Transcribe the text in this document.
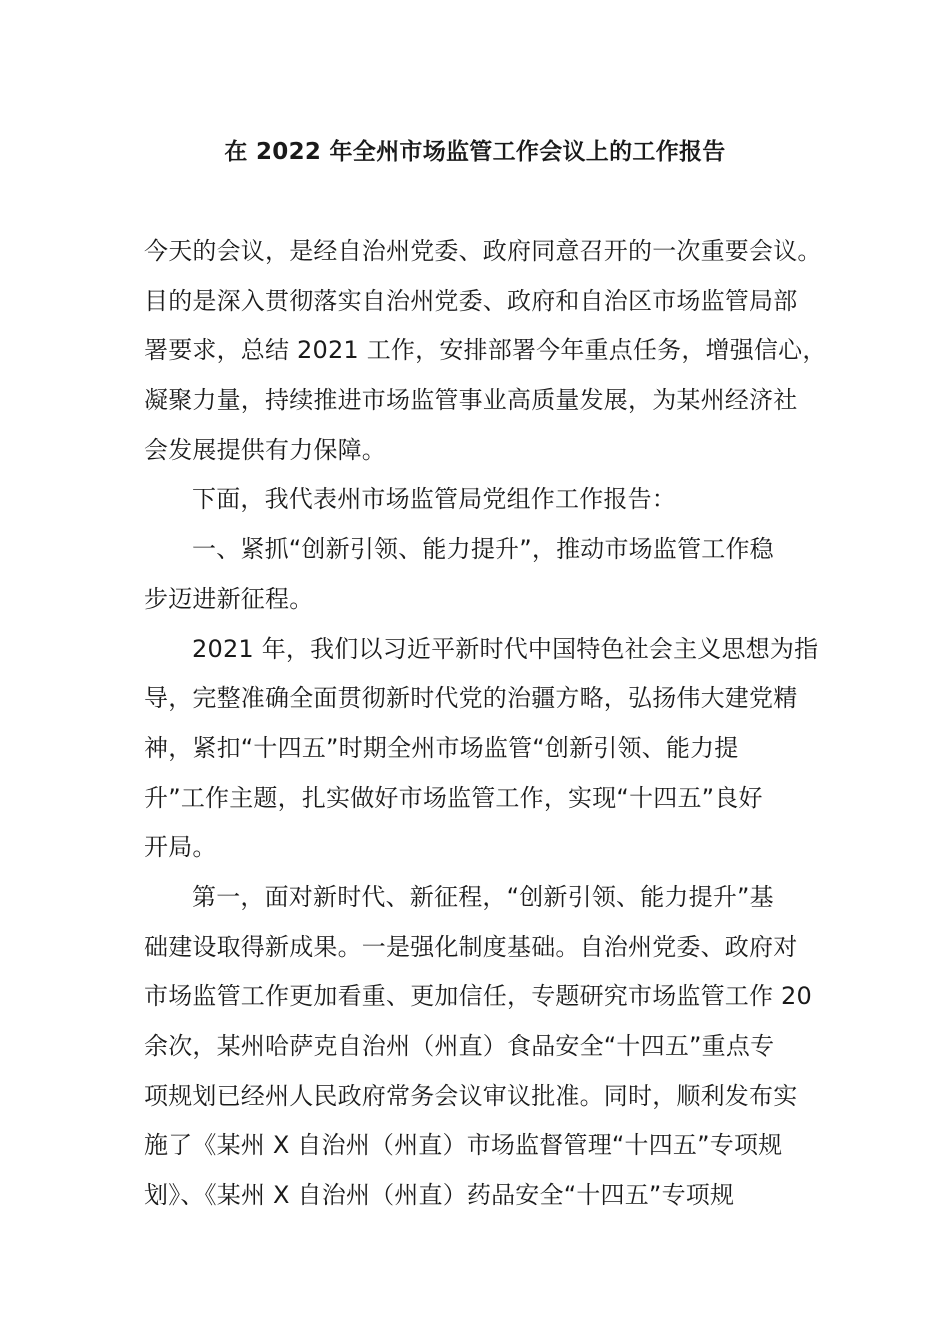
在 2022 年全州市场监管工作会议上的工作报告
今天的会议，是经自治州党委、政府同意召开的一次重要会议。
目的是深入贯彻落实自治州党委、政府和自治区市场监管局部
署要求，总结 2021 工作，安排部署今年重点任务，增强信心，
凝聚力量，持续推进市场监管事业高质量发展，为某州经济社
会发展提供有力保障。
下面，我代表州市场监管局党组作工作报告：
一、紧抓“创新引领、能力提升”，推动市场监管工作稳
步迈进新征程。
2021 年，我们以习近平新时代中国特色社会主义思想为指
导，完整准确全面贯彻新时代党的治疆方略，弘扬伟大建党精
神，紧扣“十四五”时期全州市场监管“创新引领、能力提
升”工作主题，扎实做好市场监管工作，实现“十四五”良好
开局。
第一，面对新时代、新征程，“创新引领、能力提升”基
础建设取得新成果。一是强化制度基础。自治州党委、政府对
市场监管工作更加看重、更加信任，专题研究市场监管工作 20
余次，某州哈萨克自治州（州直）食品安全“十四五”重点专
项规划已经州人民政府常务会议审议批准。同时，顺利发布实
施了《某州 X 自治州（州直）市场监督管理“十四五”专项规
划》、《某州 X 自治州（州直）药品安全“十四五”专项规
